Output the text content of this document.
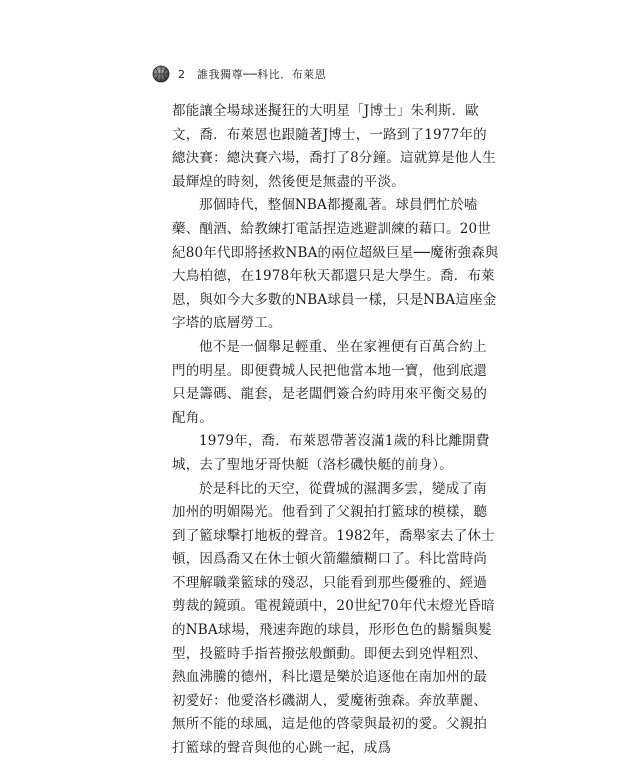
2 誰我獨尊──科比．布萊恩

都能讓全場球迷擬狂的大明星「J博士」朱利斯．歐文，喬．布萊恩也跟隨著J博士，一路到了1977年的總決賽：總決賽六場，喬打了8分鐘。這就算是他人生最輝煌的時刻，然後便是無盡的平淡。

那個時代，整個NBA都擾亂著。球員們忙於嗑藥、酗酒、給教練打電話捏造逃避訓練的藉口。20世紀80年代即將拯救NBA的兩位超級巨星──魔術強森與大鳥柏德，在1978年秋天都還只是大學生。喬．布萊恩，與如今大多數的NBA球員一樣，只是NBA這座金字塔的底層勞工。

他不是一個舉足輕重、坐在家裡便有百萬合約上門的明星。即便費城人民把他當本地一寶，他到底還只是籌碼、龍套，是老闆們簽合約時用來平衡交易的配角。

1979年，喬．布萊恩帶著沒滿1歲的科比離開費城，去了聖地牙哥快艇（洛杉磯快艇的前身）。

於是科比的天空，從費城的濕潤多雲，變成了南加州的明媚陽光。他看到了父親拍打籃球的模樣，聽到了籃球擊打地板的聲音。1982年，喬舉家去了休士頓，因爲喬又在休士頓火箭繼續糊口了。科比當時尚不理解職業籃球的殘忍，只能看到那些優雅的、經過剪裁的鏡頭。電視鏡頭中，20世紀70年代末燈光昏暗的NBA球場，飛速奔跑的球員，形形色色的鬍鬚與髮型，投籃時手指苔撥弦般顫動。即便去到兇悍粗烈、熱血沸騰的德州，科比還是樂於追逐他在南加州的最初愛好：他愛洛杉磯湖人，愛魔術強森。奔放華麗、無所不能的球風，這是他的啓蒙與最初的愛。父親拍打籃球的聲音與他的心跳一起，成爲
